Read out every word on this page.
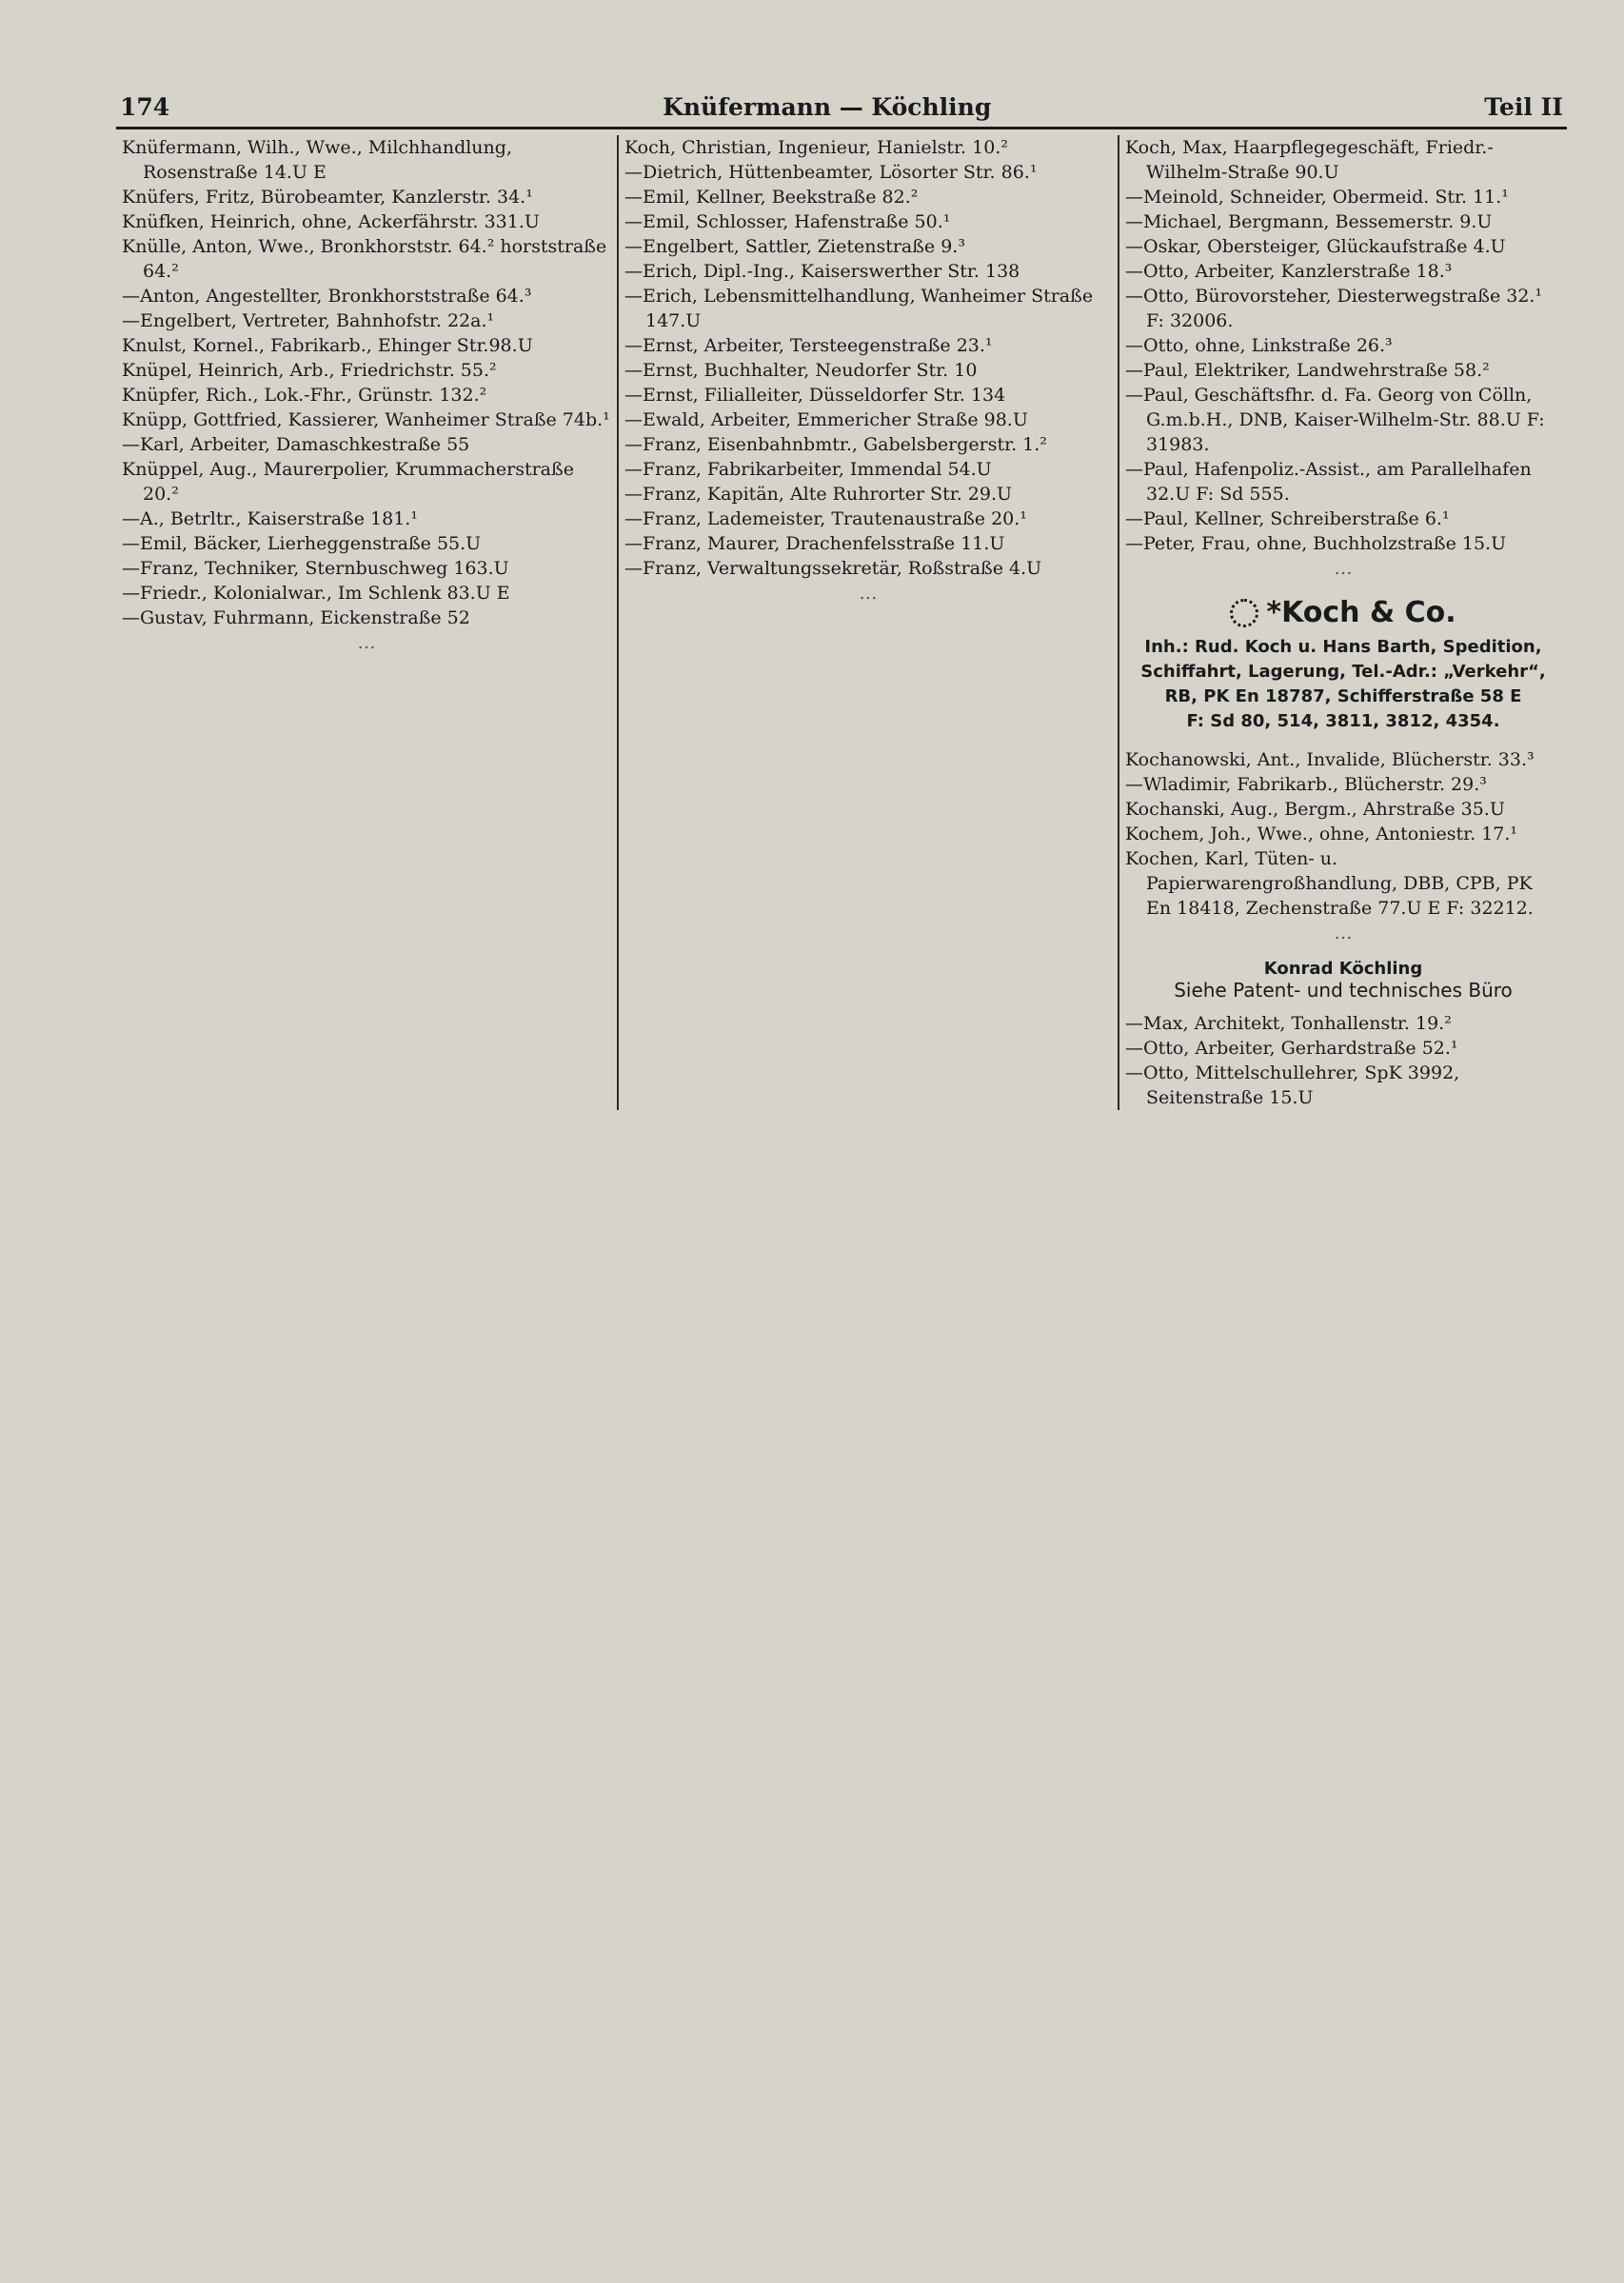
174	Knüfermann — Köchling	Teil II
Knüfermann, Wilh., Wwe., Milchhandlung, Rosenstraße 14.U E
Knüfers, Fritz, Bürobeamter, Kanzlerstr. 34.¹
Knüfken, Heinrich, ohne, Ackerfährstr. 331.U
Knülle, Anton, Wwe., Bronkhorststr. 64.² horststraße 64.²
—Anton, Angestellter, Bronkhorststraße 64.³
—Engelbert, Vertreter, Bahnhofstr. 22a.¹
Knulst, Kornel., Fabrikarb., Ehinger Str.98.U
Knüpel, Heinrich, Arb., Friedrichstr. 55.²
Knüpfer, Rich., Lok.-Fhr., Grünstr. 132.²
Knüpp, Gottfried, Kassierer, Wanheimer Straße 74b.¹
—Karl, Arbeiter, Damaschkestraße 55
Knüppel, Aug., Maurerpolier, Krummacherstraße 20.²
—A., Betrltr., Kaiserstraße 181.¹
—Emil, Bäcker, Lierheggenstraße 55.U
—Franz, Techniker, Sternbuschweg 163.U
—Friedr., Kolonialwar., Im Schlenk 83.U E
—Gustav, Fuhrmann, Eickenstraße 52
…
Koch, Christian, Ingenieur, Hanielstr. 10.²
—Dietrich, Hüttenbeamter, Lösorter Str. 86.¹
—Emil, Kellner, Beekstraße 82.²
—Emil, Schlosser, Hafenstraße 50.¹
—Engelbert, Sattler, Zietenstraße 9.³
—Erich, Dipl.-Ing., Kaiserswerther Str. 138
—Erich, Lebensmittelhandlung, Wanheimer Straße 147.U
—Ernst, Arbeiter, Tersteegenstraße 23.¹
—Ernst, Buchhalter, Neudorfer Str. 10
—Ernst, Filialleiter, Düsseldorfer Str. 134
—Ewald, Arbeiter, Emmericher Straße 98.U
—Franz, Eisenbahnbmtr., Gabelsbergerstr. 1.²
—Franz, Fabrikarbeiter, Immendal 54.U
—Franz, Kapitän, Alte Ruhrorter Str. 29.U
—Franz, Lademeister, Trautenaustraße 20.¹
—Franz, Maurer, Drachenfelsstraße 11.U
—Franz, Verwaltungssekretär, Roßstraße 4.U
…
Koch, Max, Haarpflegegeschäft, Friedr.-Wilhelm-Straße 90.U
—Meinold, Schneider, Obermeid. Str. 11.¹
—Michael, Bergmann, Bessemerstr. 9.U
—Oskar, Obersteiger, Glückaufstraße 4.U
—Otto, Arbeiter, Kanzlerstraße 18.³
—Otto, Bürovorsteher, Diesterwegstraße 32.¹ F: 32006.
—Otto, ohne, Linkstraße 26.³
—Paul, Elektriker, Landwehrstraße 58.²
—Paul, Geschäftsfhr. d. Fa. Georg von Cölln, G.m.b.H., DNB, Kaiser-Wilhelm-Str. 88.U F: 31983.
—Paul, Hafenpoliz.-Assist., am Parallelhafen 32.U F: Sd 555.
—Paul, Kellner, Schreiberstraße 6.¹
—Peter, Frau, ohne, Buchholzstraße 15.U
…
*Koch & Co.
Inh.: Rud. Koch u. Hans Barth, Spedition,
Schiffahrt, Lagerung, Tel.-Adr.: „Verkehr“,
RB, PK En 18787, Schifferstraße 58 E
F: Sd 80, 514, 3811, 3812, 4354.
Kochanowski, Ant., Invalide, Blücherstr. 33.³
—Wladimir, Fabrikarb., Blücherstr. 29.³
Kochanski, Aug., Bergm., Ahrstraße 35.U
Kochem, Joh., Wwe., ohne, Antoniestr. 17.¹
Kochen, Karl, Tüten- u. Papierwarengroßhandlung, DBB, CPB, PK En 18418, Zechenstraße 77.U E F: 32212.
…
Konrad Köchling
Siehe Patent- und technisches Büro
—Max, Architekt, Tonhallenstr. 19.²
—Otto, Arbeiter, Gerhardstraße 52.¹
—Otto, Mittelschullehrer, SpK 3992, Seitenstraße 15.U
